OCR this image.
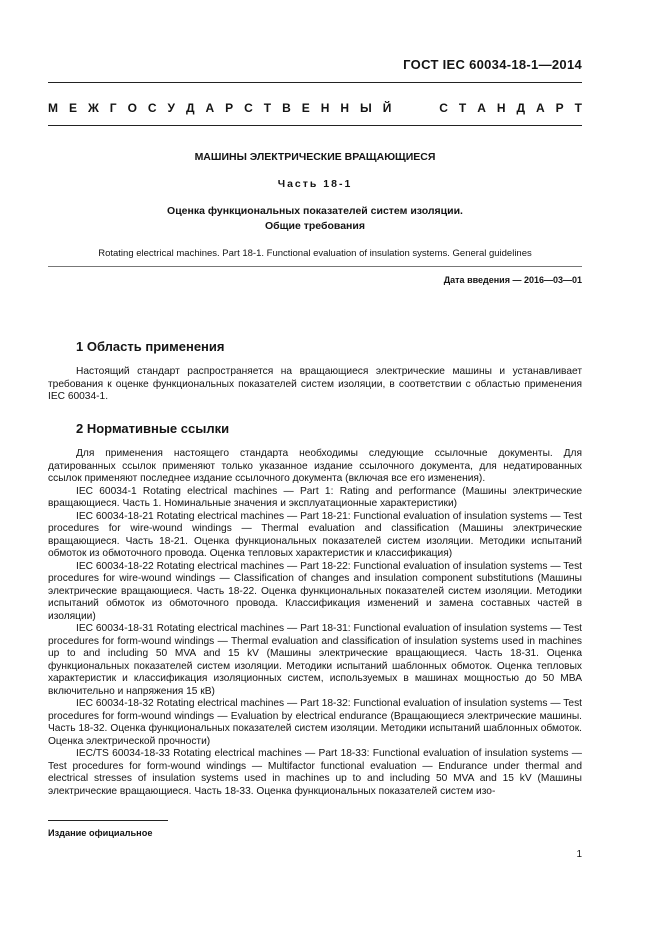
ГОСТ IEC 60034-18-1—2014
М Е Ж Г О С У Д А Р С Т В Е Н Н Ы Й	С Т А Н Д А Р Т
МАШИНЫ ЭЛЕКТРИЧЕСКИЕ ВРАЩАЮЩИЕСЯ
Часть 18-1
Оценка функциональных показателей систем изоляции.
Общие требования
Rotating electrical machines. Part 18-1. Functional evaluation of insulation systems. General guidelines
Дата введения — 2016—03—01
1 Область применения

Настоящий стандарт распространяется на вращающиеся электрические машины и устанавливает требования к оценке функциональных показателей систем изоляции, в соответствии с областью применения IEC 60034-1.

2 Нормативные ссылки

Для применения настоящего стандарта необходимы следующие ссылочные документы. Для датированных ссылок применяют только указанное издание ссылочного документа, для недатированных ссылок применяют последнее издание ссылочного документа (включая все его изменения).

IEC 60034-1 Rotating electrical machines — Part 1: Rating and performance (Машины электрические вращающиеся. Часть 1. Номинальные значения и эксплуатационные характеристики)

IEC 60034-18-21 Rotating electrical machines — Part 18-21: Functional evaluation of insulation systems — Test procedures for wire-wound windings — Thermal evaluation and classification (Машины электрические вращающиеся. Часть 18-21. Оценка функциональных показателей систем изоляции. Методики испытаний обмоток из обмоточного провода. Оценка тепловых характеристик и классификация)

IEC 60034-18-22 Rotating electrical machines — Part 18-22: Functional evaluation of insulation systems — Test procedures for wire-wound windings — Classification of changes and insulation component substitutions (Машины электрические вращающиеся. Часть 18-22. Оценка функциональных показателей систем изоляции. Методики испытаний обмоток из обмоточного провода. Классификация изменений и замена составных частей в изоляции)

IEC 60034-18-31 Rotating electrical machines — Part 18-31: Functional evaluation of insulation systems — Test procedures for form-wound windings — Thermal evaluation and classification of insulation systems used in machines up to and including 50 MVA and 15 kV (Машины электрические вращающиеся. Часть 18-31. Оценка функциональных показателей систем изоляции. Методики испытаний шаблонных обмоток. Оценка тепловых характеристик и классификация изоляционных систем, используемых в машинах мощностью до 50 МВА включительно и напряжения 15 кВ)

IEC 60034-18-32 Rotating electrical machines — Part 18-32: Functional evaluation of insulation systems — Test procedures for form-wound windings — Evaluation by electrical endurance (Вращающиеся электрические машины. Часть 18-32. Оценка функциональных показателей систем изоляции. Методики испытаний шаблонных обмоток. Оценка электрической прочности)

IEC/TS 60034-18-33 Rotating electrical machines — Part 18-33: Functional evaluation of insulation systems — Test procedures for form-wound windings — Multifactor functional evaluation — Endurance under thermal and electrical stresses of insulation systems used in machines up to and including 50 MVA and 15 kV (Машины электрические вращающиеся. Часть 18-33. Оценка функциональных показателей систем изо-

Издание официальное
1
